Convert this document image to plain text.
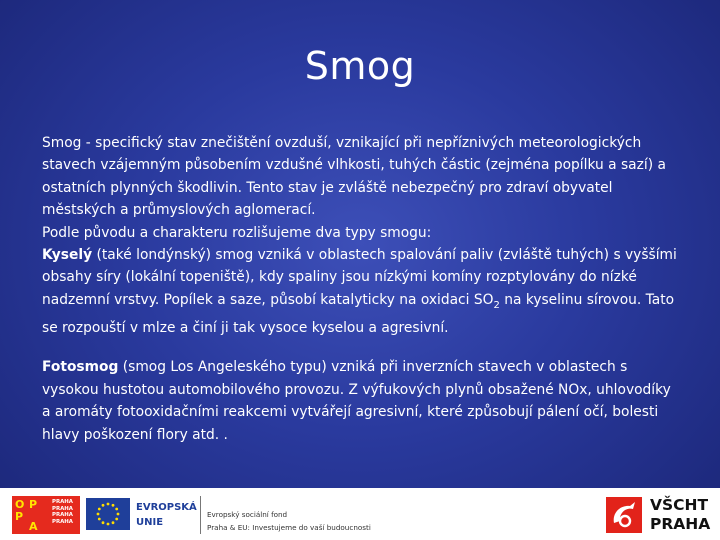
Smog

Smog - specifický stav znečištění ovzduší, vznikající při nepříznivých meteorologických stavech vzájemným působením vzdušné vlhkosti, tuhých částic (zejména popílku a sazí) a ostatních plynných škodlivin. Tento stav je zvláště nebezpečný pro zdraví obyvatel městských a průmyslových aglomerací.

Podle původu a charakteru rozlišujeme dva typy smogu:

Kyselý (také londýnský) smog vzniká v oblastech spalování paliv (zvláště tuhých) s vyššími obsahy síry (lokální topeniště), kdy spaliny jsou nízkými komíny rozptylovány do nízké nadzemní vrstvy. Popílek a saze, působí katalyticky na oxidaci $SO_2$ na kyselinu sírovou. Tato se rozpouští v mlze a činí ji tak vysoce kyselou a agresivní.

Fotosmog (smog Los Angeleského typu) vzniká při inverzních stavech v oblastech s vysokou hustotou automobilového provozu. Z výfukových plynů obsažené NOx, uhlovodíky a aromáty fotooxidačními reakcemi vytvářejí agresivní, které způsobují pálení očí, bolesti hlavy poškození flory atd. .

O P
P
A
PRAHA
PRAHA
PRAHA
PRAHA
EVROPSKÁ
UNIE
Evropský sociální fond
Praha & EU: Investujeme do vaší budoucnosti
VŠCHT
PRAHA
